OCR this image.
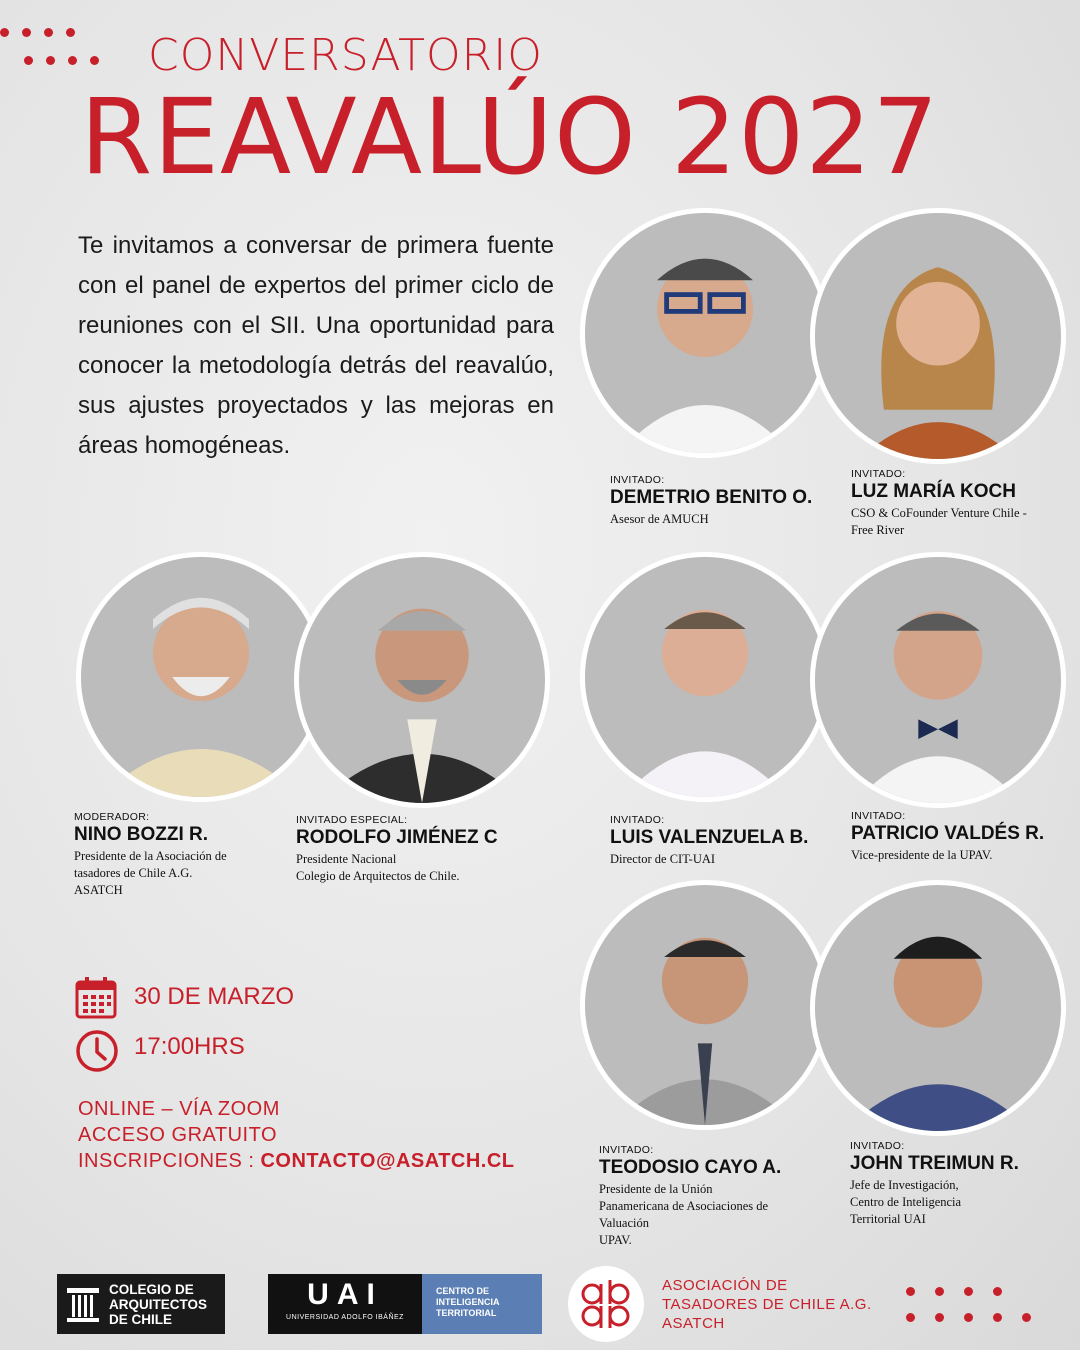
CONVERSATORIO
REAVALÚO 2027
Te invitamos a conversar de primera fuente con el panel de expertos del primer ciclo de reuniones con el SII. Una oportunidad para conocer la metodología detrás del reavalúo, sus ajustes proyectados y las mejoras en áreas homogéneas.
INVITADO:
DEMETRIO BENITO O.
Asesor de AMUCH
INVITADO:
LUZ MARÍA KOCH
CSO & CoFounder Venture Chile -
Free River
MODERADOR:
NINO BOZZI R.
Presidente de la Asociación de
tasadores de Chile A.G.
ASATCH
INVITADO ESPECIAL:
RODOLFO JIMÉNEZ C
Presidente Nacional
Colegio de Arquitectos de Chile.
INVITADO:
LUIS VALENZUELA B.
Director de CIT-UAI
INVITADO:
PATRICIO VALDÉS R.
Vice-presidente de la UPAV.
INVITADO:
TEODOSIO CAYO A.
Presidente de la Unión
Panamericana de Asociaciones de
Valuación
UPAV.
INVITADO:
JOHN TREIMUN R.
Jefe de Investigación,
Centro de Inteligencia
Territorial UAI
30 DE MARZO
17:00HRS
ONLINE – VÍA ZOOM
ACCESO GRATUITO
INSCRIPCIONES : CONTACTO@ASATCH.CL
COLEGIO DE
ARQUITECTOS
DE CHILE
UAI
UNIVERSIDAD ADOLFO IBÁÑEZ
CENTRO DE
INTELIGENCIA
TERRITORIAL
ASOCIACIÓN DE
TASADORES DE CHILE A.G.
ASATCH
